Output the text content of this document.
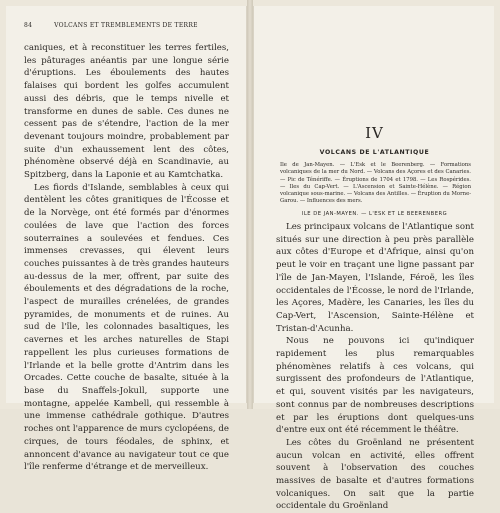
84	VOLCANS ET TREMBLEMENTS DE TERRE

caniques, et à reconstituer les terres fertiles, les pâturages anéantis par une longue série d'éruptions. Les éboulements des hautes falaises qui bordent les golfes accumulent aussi des débris, que le temps nivelle et transforme en dunes de sable. Ces dunes ne cessent pas de s'étendre, l'action de la mer devenant toujours moindre, probablement par suite d'un exhaussement lent des côtes, phénomène observé déjà en Scandinavie, au Spitzberg, dans la Laponie et au Kamtchatka.

Les fiords d'Islande, semblables à ceux qui dentèlent les côtes granitiques de l'Écosse et de la Norvège, ont été formés par d'énormes coulées de lave que l'action des forces souterraines a soulevées et fendues. Ces immenses crevasses, qui élevent leurs couches puissantes à de très grandes hauteurs au-dessus de la mer, offrent, par suite des éboulements et des dégradations de la roche, l'aspect de murailles crénelées, de grandes pyramides, de monuments et de ruines. Au sud de l'île, les colonnades basaltiques, les cavernes et les arches naturelles de Stapi rappellent les plus curieuses formations de l'Irlande et la belle grotte d'Antrim dans les Orcades. Cette couche de basalte, située à la base du Snaffels-Jokull, supporte une montagne, appelée Kambell, qui ressemble à une immense cathédrale gothique. D'autres roches ont l'apparence de murs cyclopéens, de cirques, de tours féodales, de sphinx, et annoncent d'avance au navigateur tout ce que l'île renferme d'étrange et de merveilleux.

IV
VOLCANS DE L'ATLANTIQUE
Ile de Jan-Mayen. — L'Esk et le Beerenberg. — Formations volcaniques de la mer du Nord. — Volcans des Açores et des Canaries. — Pic de Ténériffe. — Éruptions de 1704 et 1798. — Les Rospérides. — Iles du Cap-Vert. — L'Ascension et Sainte-Hélène. — Région volcanique sous-marine. — Volcans des Antilles. — Éruption du Morne-Garou. — Influences des mers.
ILE DE JAN-MAYEN. — L'ESK ET LE BEERENBERG

Les principaux volcans de l'Atlantique sont situés sur une direction à peu près parallèle aux côtes d'Europe et d'Afrique, ainsi qu'on peut le voir en traçant une ligne passant par l'île de Jan-Mayen, l'Islande, Féroë, les îles occidentales de l'Écosse, le nord de l'Irlande, les Açores, Madère, les Canaries, les îles du Cap-Vert, l'Ascension, Sainte-Hélène et Tristan-d'Acunha.

Nous ne pouvons ici qu'indiquer rapidement les plus remarquables phénomènes relatifs à ces volcans, qui surgissent des profondeurs de l'Atlantique, et qui, souvent visités par les navigateurs, sont connus par de nombreuses descriptions et par les éruptions dont quelques-uns d'entre eux ont été récemment le théâtre.

Les côtes du Groënland ne présentent aucun volcan en activité, elles offrent souvent à l'observation des couches massives de basalte et d'autres formations volcaniques. On sait que la partie occidentale du Groënland
